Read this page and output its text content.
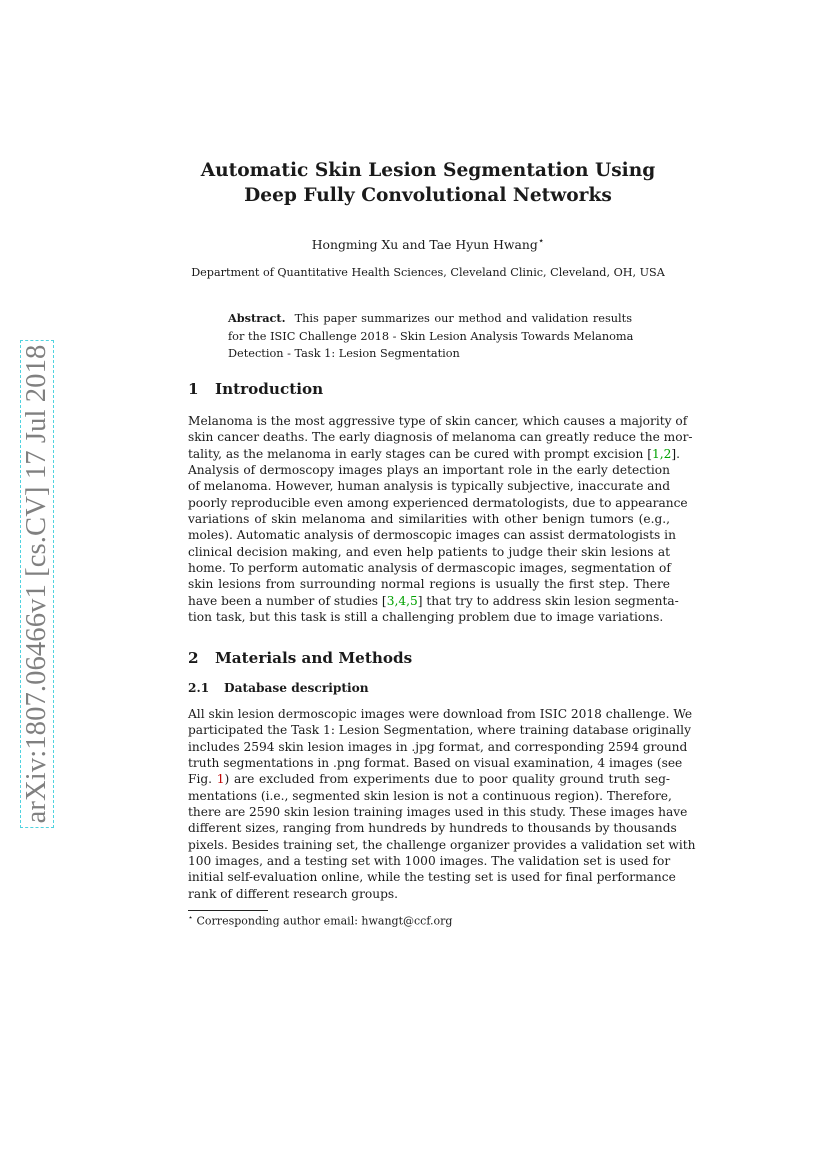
arXiv:1807.06466v1 [cs.CV] 17 Jul 2018
Automatic Skin Lesion Segmentation Using
Deep Fully Convolutional Networks
Hongming Xu and Tae Hyun Hwang⋆
Department of Quantitative Health Sciences, Cleveland Clinic, Cleveland, OH, USA
Abstract. This paper summarizes our method and validation results
for the ISIC Challenge 2018 - Skin Lesion Analysis Towards Melanoma
Detection - Task 1: Lesion Segmentation
1 Introduction
Melanoma is the most aggressive type of skin cancer, which causes a majority of
skin cancer deaths. The early diagnosis of melanoma can greatly reduce the mor-
tality, as the melanoma in early stages can be cured with prompt excision [1,2].
Analysis of dermoscopy images plays an important role in the early detection
of melanoma. However, human analysis is typically subjective, inaccurate and
poorly reproducible even among experienced dermatologists, due to appearance
variations of skin melanoma and similarities with other benign tumors (e.g.,
moles). Automatic analysis of dermoscopic images can assist dermatologists in
clinical decision making, and even help patients to judge their skin lesions at
home. To perform automatic analysis of dermascopic images, segmentation of
skin lesions from surrounding normal regions is usually the first step. There
have been a number of studies [3,4,5] that try to address skin lesion segmenta-
tion task, but this task is still a challenging problem due to image variations.
2 Materials and Methods
2.1 Database description
All skin lesion dermoscopic images were download from ISIC 2018 challenge. We
participated the Task 1: Lesion Segmentation, where training database originally
includes 2594 skin lesion images in .jpg format, and corresponding 2594 ground
truth segmentations in .png format. Based on visual examination, 4 images (see
Fig. 1) are excluded from experiments due to poor quality ground truth seg-
mentations (i.e., segmented skin lesion is not a continuous region). Therefore,
there are 2590 skin lesion training images used in this study. These images have
different sizes, ranging from hundreds by hundreds to thousands by thousands
pixels. Besides training set, the challenge organizer provides a validation set with
100 images, and a testing set with 1000 images. The validation set is used for
initial self-evaluation online, while the testing set is used for final performance
rank of different research groups.
⋆ Corresponding author email: hwangt@ccf.org
